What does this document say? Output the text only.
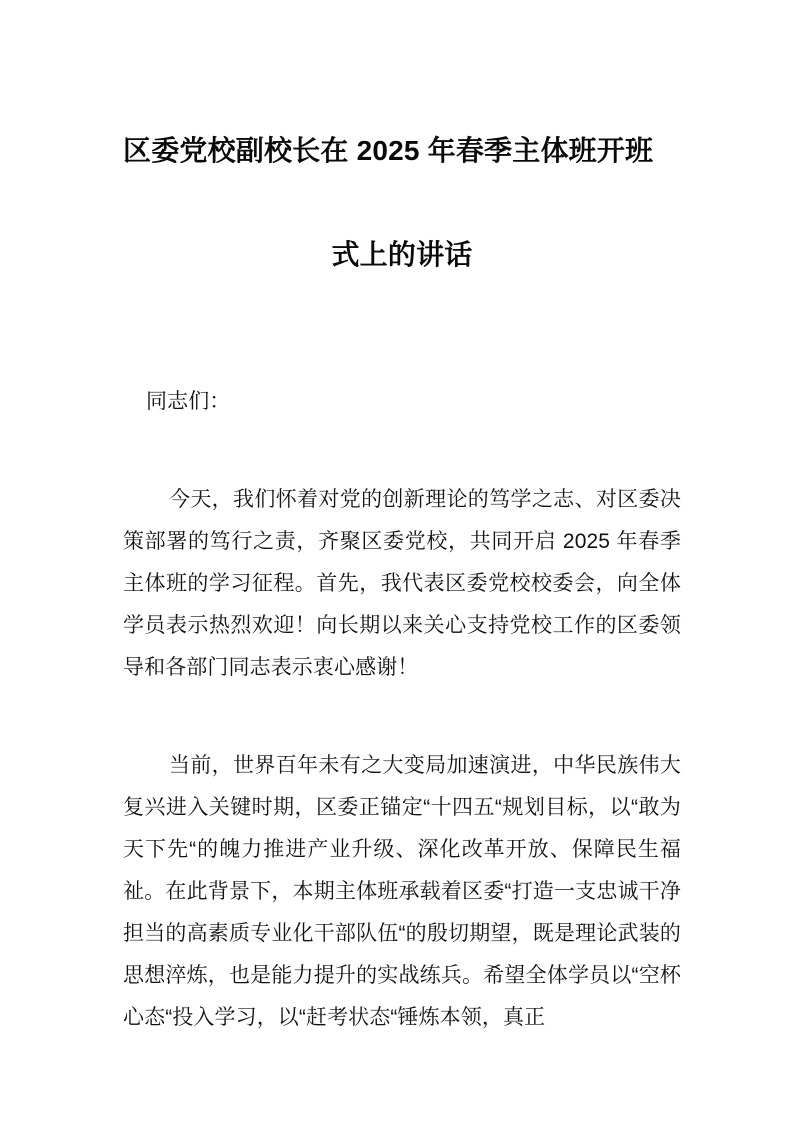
区委党校副校长在 2025 年春季主体班开班
式上的讲话

同志们：

今天，我们怀着对党的创新理论的笃学之志、对区委决策部署的笃行之责，齐聚区委党校，共同开启 2025 年春季主体班的学习征程。首先，我代表区委党校校委会，向全体学员表示热烈欢迎！向长期以来关心支持党校工作的区委领导和各部门同志表示衷心感谢！

当前，世界百年未有之大变局加速演进，中华民族伟大复兴进入关键时期，区委正锚定“十四五“规划目标，以“敢为天下先“的魄力推进产业升级、深化改革开放、保障民生福祉。在此背景下，本期主体班承载着区委“打造一支忠诚干净担当的高素质专业化干部队伍“的殷切期望，既是理论武装的思想淬炼，也是能力提升的实战练兵。希望全体学员以“空杯心态“投入学习，以“赶考状态“锤炼本领，真正
